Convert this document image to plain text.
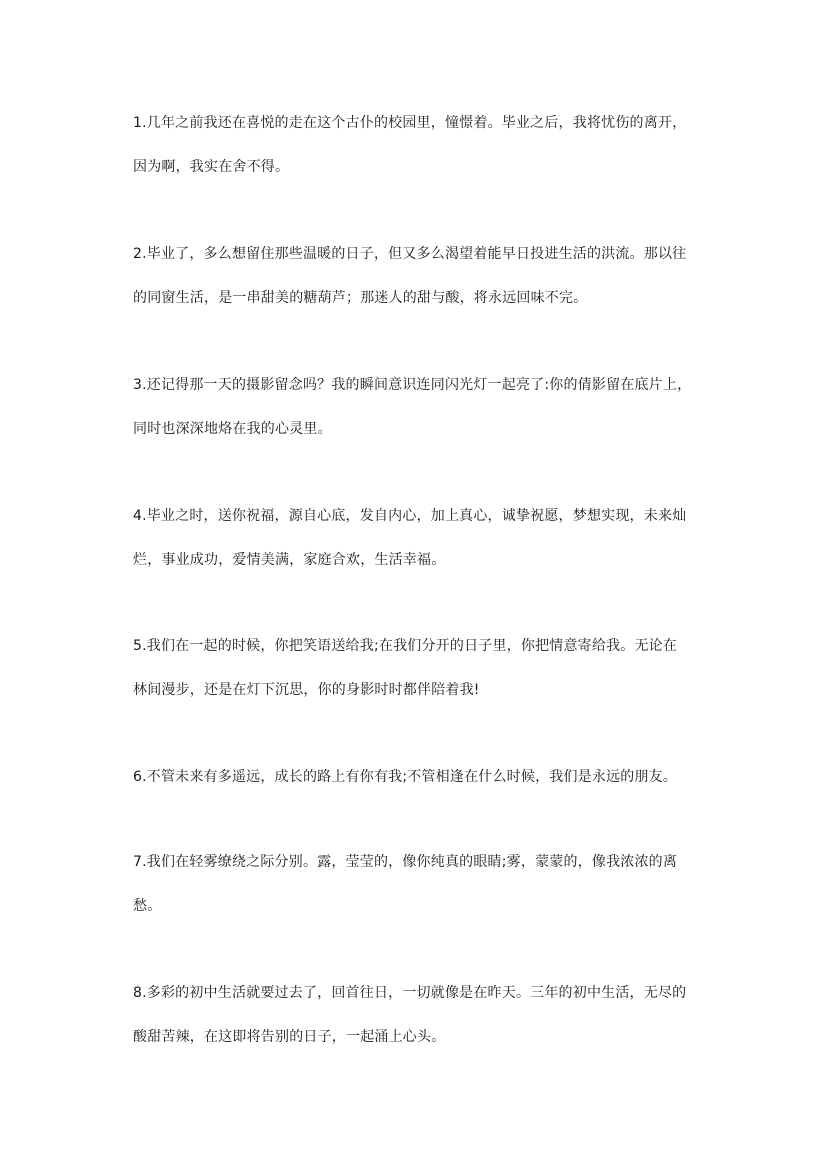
1.几年之前我还在喜悦的走在这个古仆的校园里，憧憬着。毕业之后，我将忧伤的离开，
因为啊，我实在舍不得。
2.毕业了，多么想留住那些温暖的日子，但又多么渴望着能早日投进生活的洪流。那以往
的同窗生活，是一串甜美的糖葫芦；那迷人的甜与酸，将永远回味不完。
3.还记得那一天的摄影留念吗？我的瞬间意识连同闪光灯一起亮了:你的倩影留在底片上，
同时也深深地烙在我的心灵里。
4.毕业之时，送你祝福，源自心底，发自内心，加上真心，诚挚祝愿，梦想实现，未来灿
烂，事业成功，爱情美满，家庭合欢，生活幸福。
5.我们在一起的时候，你把笑语送给我;在我们分开的日子里，你把情意寄给我。无论在
林间漫步，还是在灯下沉思，你的身影时时都伴陪着我!
6.不管未来有多遥远，成长的路上有你有我;不管相逢在什么时候，我们是永远的朋友。
7.我们在轻雾缭绕之际分别。露，莹莹的，像你纯真的眼睛;雾，蒙蒙的，像我浓浓的离
愁。
8.多彩的初中生活就要过去了，回首往日，一切就像是在昨天。三年的初中生活，无尽的
酸甜苦辣，在这即将告别的日子，一起涌上心头。
